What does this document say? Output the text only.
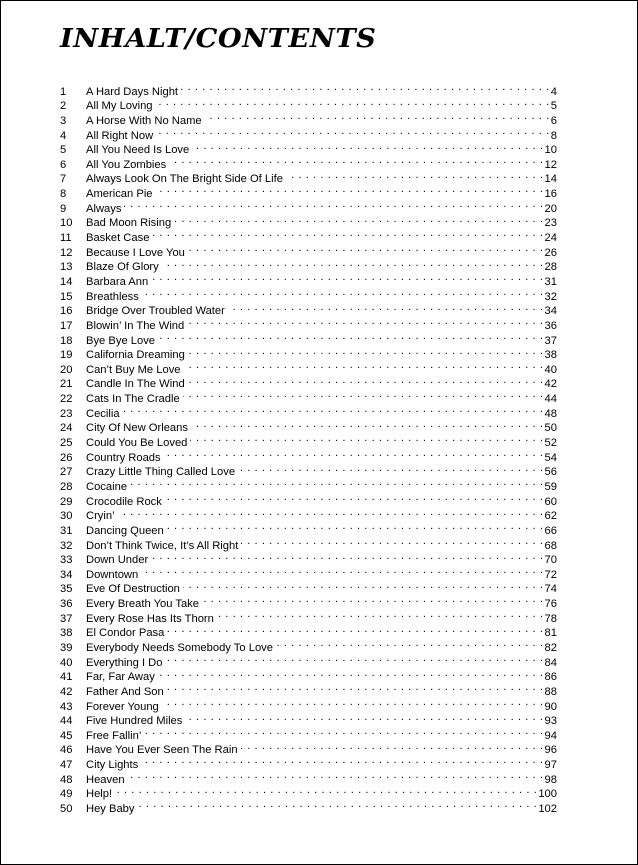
INHALT/CONTENTS
1	A Hard Days Night . . .	4
2	All My Loving . . .	5
3	A Horse With No Name . . .	6
4	All Right Now . . .	8
5	All You Need Is Love . . .	10
6	All You Zombies . . .	12
7	Always Look On The Bright Side Of Life . . .	14
8	American Pie . . .	16
9	Always . . .	20
10	Bad Moon Rising . . .	23
11	Basket Case . . .	24
12	Because I Love You . . .	26
13	Blaze Of Glory . . .	28
14	Barbara Ann . . .	31
15	Breathless . . .	32
16	Bridge Over Troubled Water . . .	34
17	Blowin’ In The Wind . . .	36
18	Bye Bye Love . . .	37
19	California Dreaming . . .	38
20	Can’t Buy Me Love . . .	40
21	Candle In The Wind . . .	42
22	Cats In The Cradle . . .	44
23	Cecilia . . .	48
24	City Of New Orleans . . .	50
25	Could You Be Loved . . .	52
26	Country Roads . . .	54
27	Crazy Little Thing Called Love . . .	56
28	Cocaine . . .	59
29	Crocodile Rock . . .	60
30	Cryin’ . . .	62
31	Dancing Queen . . .	66
32	Don’t Think Twice, It’s All Right . . .	68
33	Down Under . . .	70
34	Downtown . . .	72
35	Eve Of Destruction . . .	74
36	Every Breath You Take . . .	76
37	Every Rose Has Its Thorn . . .	78
38	El Condor Pasa . . .	81
39	Everybody Needs Somebody To Love . . .	82
40	Everything I Do . . .	84
41	Far, Far Away . . .	86
42	Father And Son . . .	88
43	Forever Young . . .	90
44	Five Hundred Miles . . .	93
45	Free Fallin’ . . .	94
46	Have You Ever Seen The Rain . . .	96
47	City Lights . . .	97
48	Heaven . . .	98
49	Help! . . .	100
50	Hey Baby . . .	102
